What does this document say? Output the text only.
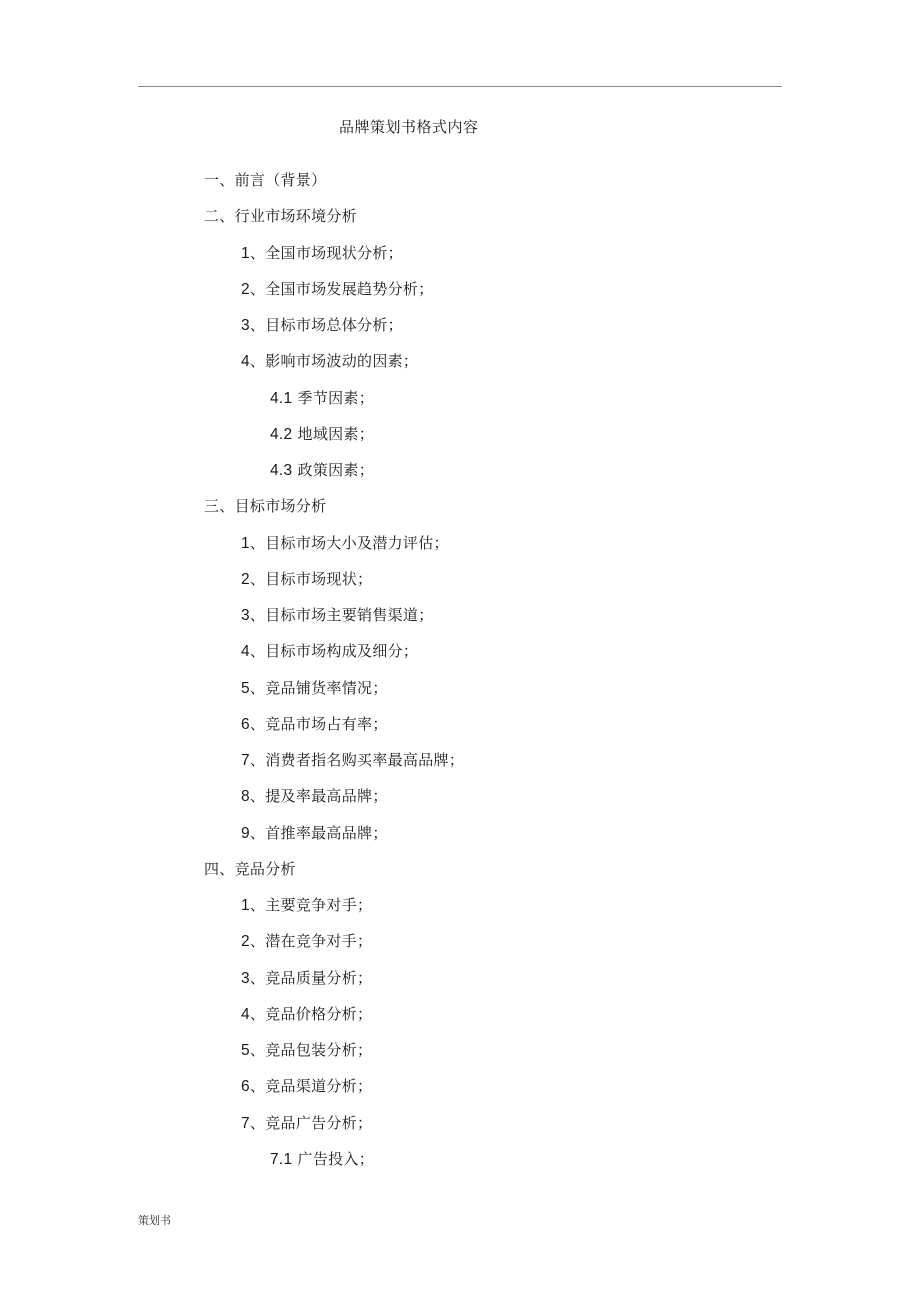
品牌策划书格式内容
一、前言（背景）
二、行业市场环境分析
1、全国市场现状分析；
2、全国市场发展趋势分析；
3、目标市场总体分析；
4、影响市场波动的因素；
4.1 季节因素；
4.2 地域因素；
4.3 政策因素；
三、目标市场分析
1、目标市场大小及潜力评估；
2、目标市场现状；
3、目标市场主要销售渠道；
4、目标市场构成及细分；
5、竞品铺货率情况；
6、竞品市场占有率；
7、消费者指名购买率最高品牌；
8、提及率最高品牌；
9、首推率最高品牌；
四、竞品分析
1、主要竞争对手；
2、潜在竞争对手；
3、竞品质量分析；
4、竞品价格分析；
5、竞品包装分析；
6、竞品渠道分析；
7、竞品广告分析；
7.1 广告投入；
策划书
